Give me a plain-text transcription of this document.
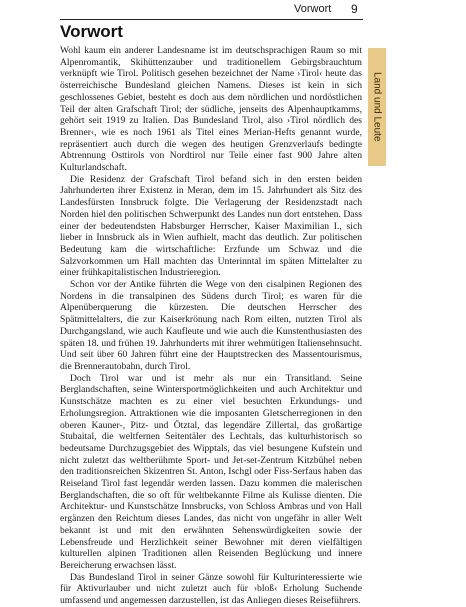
Vorwort 9
Land und Leute
Vorwort

Wohl kaum ein anderer Landesname ist im deutschsprachigen Raum so mit Alpenromantik, Skihüttenzauber und traditionellem Gebirgsbrauchtum verknüpft wie Tirol. Politisch gesehen bezeichnet der Name ›Tirol‹ heute das österreichische Bundesland gleichen Namens. Dieses ist kein in sich geschlossenes Gebiet, besteht es doch aus dem nördlichen und nordöstlichen Teil der alten Grafschaft Tirol; der südliche, jenseits des Alpenhauptkamms, gehört seit 1919 zu Italien. Das Bundesland Tirol, also ›Tirol nördlich des Brenner‹, wie es noch 1961 als Titel eines Merian-Hefts genannt wurde, repräsentiert auch durch die wegen des heutigen Grenzverlaufs bedingte Abtrennung Osttirols von Nordtirol nur Teile einer fast 900 Jahre alten Kulturlandschaft.

Die Residenz der Grafschaft Tirol befand sich in den ersten beiden Jahrhunderten ihrer Existenz in Meran, dem im 15. Jahrhundert als Sitz des Landesfürsten Innsbruck folgte. Die Verlagerung der Residenzstadt nach Norden hiel den politischen Schwerpunkt des Landes nun dort entstehen. Dass einer der bedeutendsten Habsburger Herrscher, Kaiser Maximilian I., sich lieber in Innsbruck als in Wien aufhielt, macht das deutlich. Zur politischen Bedeutung kam die wirtschaftliche: Erzfunde um Schwaz und die Salzvorkommen um Hall machten das Unterinntal im späten Mittelalter zu einer frühkapitalistischen Industrieregion.

Schon vor der Antike führten die Wege von den cisalpinen Regionen des Nordens in die transalpinen des Südens durch Tirol; es waren für die Alpenüberquerung die kürzesten. Die deutschen Herrscher des Spätmittelalters, die zur Kaiserkrönung nach Rom eilten, nutzten Tirol als Durchgangsland, wie auch Kaufleute und wie auch die Kunstenthusiasten des späten 18. und frühen 19. Jahrhunderts mit ihrer wehmütigen Italiensehnsucht. Und seit über 60 Jahren führt eine der Hauptstrecken des Massentourismus, die Brennerautobahn, durch Tirol.

Doch Tirol war und ist mehr als nur ein Transitland. Seine Berglandschaften, seine Wintersportmöglichkeiten und auch Architektur und Kunstschätze machten es zu einer viel besuchten Erkundungs- und Erholungsregion. Attraktionen wie die imposanten Gletscherregionen in den oberen Kauner-, Pitz- und Ötztal, das legendäre Zillertal, das großartige Stubaital, die weltfernen Seitentäler des Lechtals, das kulturhistorisch so bedeutsame Durchzugsgebiet des Wipptals, das viel besungene Kufstein und nicht zuletzt das weltberühmte Sport- und Jet-set-Zentrum Kitzbühel neben den traditionsreichen Skizentren St. Anton, Ischgl oder Fiss-Serfaus haben das Reiseland Tirol fast legendär werden lassen. Dazu kommen die malerischen Berglandschaften, die so oft für weltbekannte Filme als Kulisse dienten. Die Architektur- und Kunstschätze Innsbrucks, von Schloss Ambras und von Hall ergänzen den Reichtum dieses Landes, das nicht von ungefähr in aller Welt bekannt ist und mit den erwähnten Sehenswürdigkeiten sowie der Lebensfreude und Herzlichkeit seiner Bewohner mit deren vielfältigen kulturellen alpinen Traditionen allen Reisenden Beglückung und innere Bereicherung erwachsen lässt.

Das Bundesland Tirol in seiner Gänze sowohl für Kulturinteressierte wie für Aktivurlauber und nicht zuletzt auch für ›bloß‹ Erholung Suchende umfassend und angemessen darzustellen, ist das Anliegen dieses Reiseführers.
